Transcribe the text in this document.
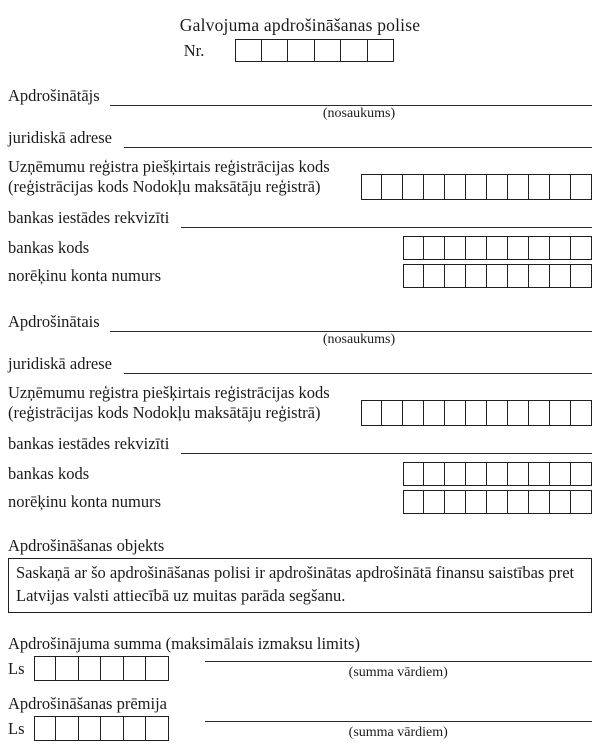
Galvojuma apdrošināšanas polise
Nr.
Apdrošinātājs
(nosaukums)
juridiskā adrese
Uzņēmumu reģistra piešķirtais reģistrācijas kods
(reģistrācijas kods Nodokļu maksātāju reģistrā)
bankas iestādes rekvizīti
bankas kods
norēķinu konta numurs
Apdrošinātais
(nosaukums)
juridiskā adrese
Uzņēmumu reģistra piešķirtais reģistrācijas kods
(reģistrācijas kods Nodokļu maksātāju reģistrā)
bankas iestādes rekvizīti
bankas kods
norēķinu konta numurs
Apdrošināšanas objekts
Saskaņā ar šo apdrošināšanas polisi ir apdrošinātas apdrošinātā finansu saistības pret Latvijas valsti attiecībā uz muitas parāda segšanu.
Apdrošinājuma summa (maksimālais izmaksu limits)
Ls	(summa vārdiem)
Apdrošināšanas prēmija
Ls	(summa vārdiem)
